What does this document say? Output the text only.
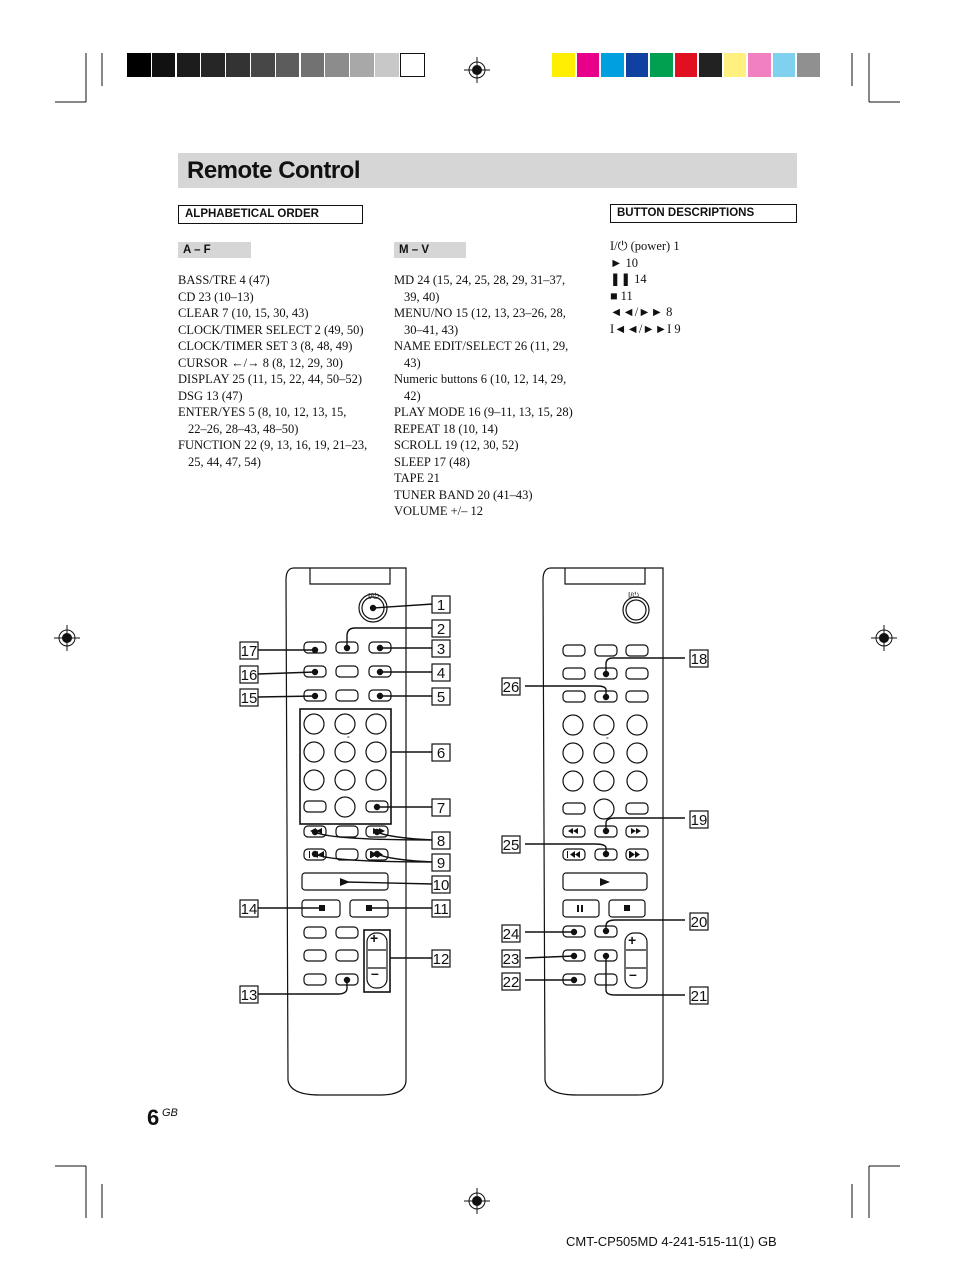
Remote Control
ALPHABETICAL ORDER	BUTTON DESCRIPTIONS
A – F	M – V
BASS/TRE 4 (47)
CD 23 (10–13)
CLEAR 7 (10, 15, 30, 43)
CLOCK/TIMER SELECT 2 (49, 50)
CLOCK/TIMER SET 3 (8, 48, 49)
CURSOR ←/→ 8 (8, 12, 29, 30)
DISPLAY 25 (11, 15, 22, 44, 50–52)
DSG 13 (47)
ENTER/YES 5 (8, 10, 12, 13, 15, 22–26, 28–43, 48–50)
FUNCTION 22 (9, 13, 16, 19, 21–23, 25, 44, 47, 54)
MD 24 (15, 24, 25, 28, 29, 31–37, 39, 40)
MENU/NO 15 (12, 13, 23–26, 28, 30–41, 43)
NAME EDIT/SELECT 26 (11, 29, 43)
Numeric buttons 6 (10, 12, 14, 29, 42)
PLAY MODE 16 (9–11, 13, 15, 28)
REPEAT 18 (10, 14)
SCROLL 19 (12, 30, 52)
SLEEP 17 (48)
TAPE 21
TUNER BAND 20 (41–43)
VOLUME +/– 12
I/⏻ (power) 1
► 10
❚❚ 14
■ 11
◄◄/►► 8
I◄◄/►►I 9
I/⏻
°
+
–
1
2
3
4
5
6
7
8
9
10
11
12
13
14
15
16
17
I/⏻
°
+
–
18
19
20
21
22
23
24
25
26
6 GB
CMT-CP505MD 4-241-515-11(1) GB
